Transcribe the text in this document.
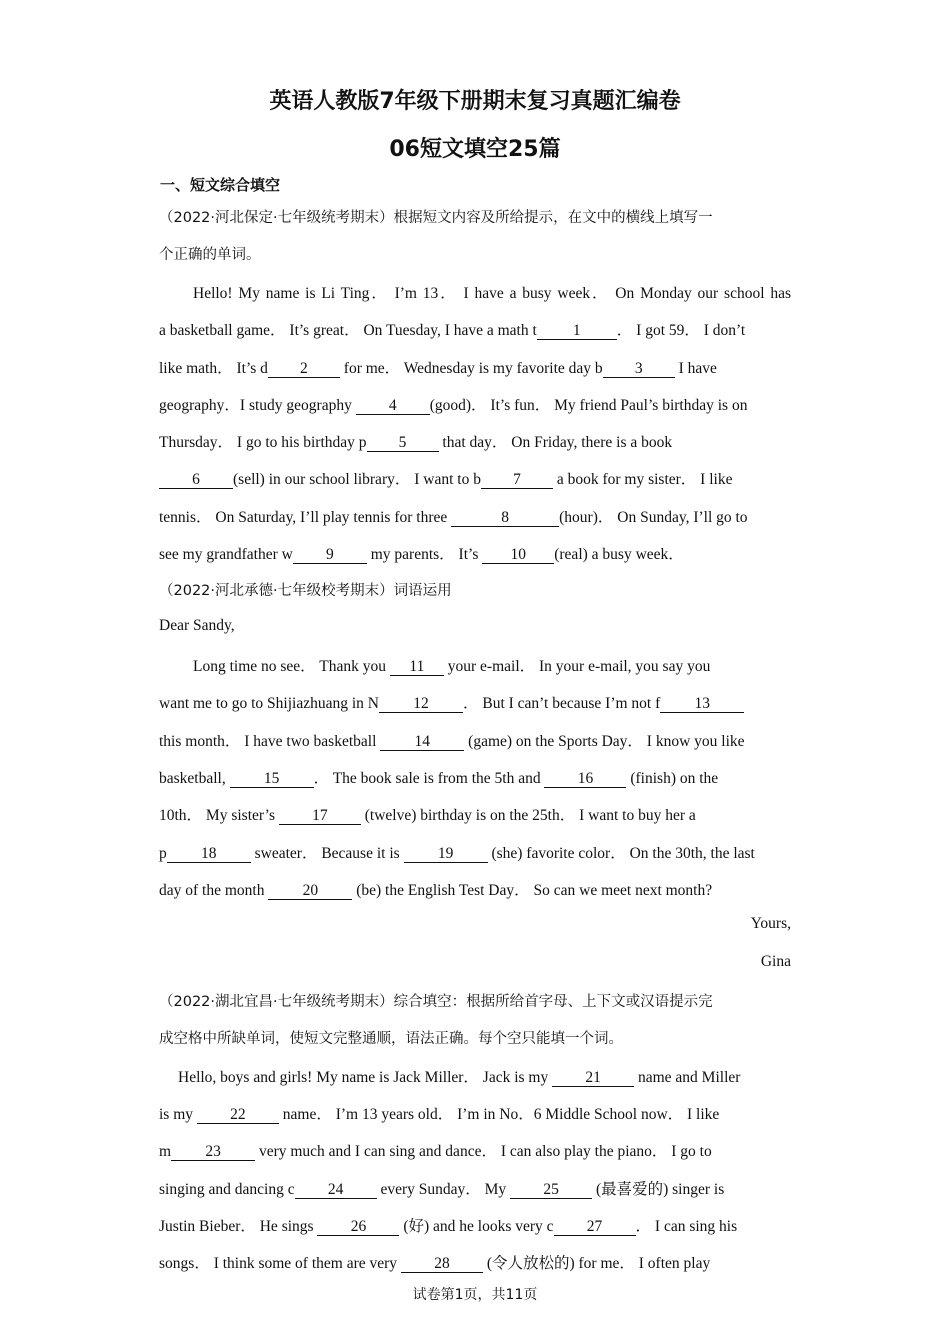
英语人教版7年级下册期末复习真题汇编卷
06短文填空25篇
一、短文综合填空
（2022·河北保定·七年级统考期末）根据短文内容及所给提示，在文中的横线上填写一
个正确的单词。
Hello! My name is Li Ting． I’m 13． I have a busy week． On Monday our school has
a basketball game． It’s great． On Tuesday, I have a math t 1 ． I got 59． I don’t
like math． It’s d 2 for me． Wednesday is my favorite day b 3 I have
geography．I study geography 4 (good)． It’s fun． My friend Paul’s birthday is on
Thursday． I go to his birthday p 5 that day． On Friday, there is a book
6 (sell) in our school library． I want to b 7 a book for my sister． I like
tennis． On Saturday, I’ll play tennis for three	8	(hour)． On Sunday, I’ll go to
see my grandfather w 9 my parents． It’s 10 (real) a busy week．
（2022·河北承德·七年级校考期末）词语运用
Dear Sandy,
Long time no see． Thank you 11 your e-mail． In your e-mail, you say you
want me to go to Shijiazhuang in N 12 ． But I can’t because I’m not f 13
this month． I have two basketball 14 (game) on the Sports Day． I know you like
basketball, 15 ． The book sale is from the 5th and 16 (finish) on the
10th． My sister’s 17 (twelve) birthday is on the 25th． I want to buy her a
p 18 sweater． Because it is 19 (she) favorite color． On the 30th, the last
day of the month 20 (be) the English Test Day． So can we meet next month?
Yours,
Gina
（2022·湖北宜昌·七年级统考期末）综合填空：根据所给首字母、上下文或汉语提示完
成空格中所缺单词，使短文完整通顺，语法正确。每个空只能填一个词。
Hello, boys and girls! My name is Jack Miller． Jack is my 21 name and Miller
is my 22 name． I’m 13 years old． I’m in No．6 Middle School now． I like
m 23 very much and I can sing and dance． I can also play the piano． I go to
singing and dancing c 24 every Sunday． My 25 (最喜爱的) singer is
Justin Bieber． He sings 26 (好) and he looks very c 27 ． I can sing his
songs． I think some of them are very 28 (令人放松的) for me． I often play
试卷第1页，共11页
